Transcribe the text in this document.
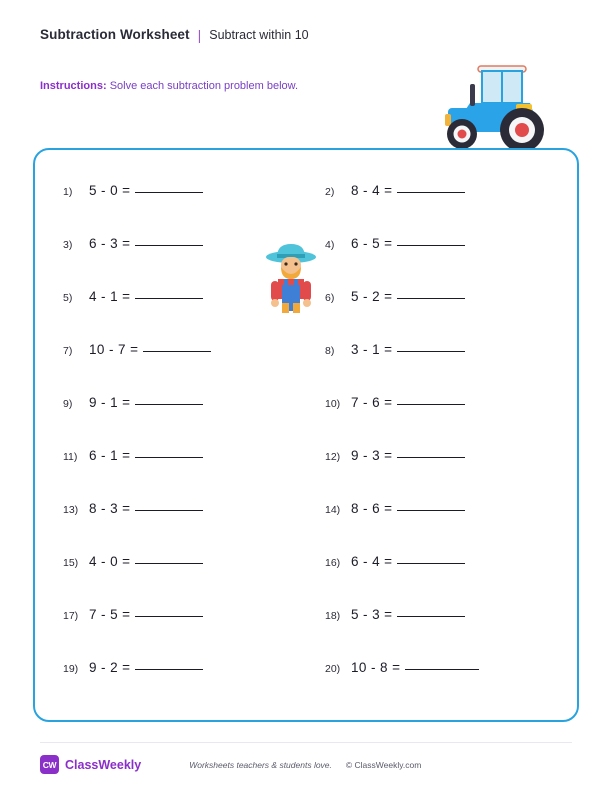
Subtraction Worksheet | Subtract within 10
Instructions: Solve each subtraction problem below.
1)	5 - 0 =	2)	8 - 4 =
3)	6 - 3 =	4)	6 - 5 =
5)	4 - 1 =	6)	5 - 2 =
7)	10 - 7 =	8)	3 - 1 =
9)	9 - 1 =	10) 7 - 6 =
11) 6 - 1 =	12) 9 - 3 =
13) 8 - 3 =	14) 8 - 6 =
15) 4 - 0 =	16) 6 - 4 =
17) 7 - 5 =	18) 5 - 3 =
19) 9 - 2 =	20) 10 - 8 =
CW ClassWeekly	Worksheets teachers & students love. © ClassWeekly.com
